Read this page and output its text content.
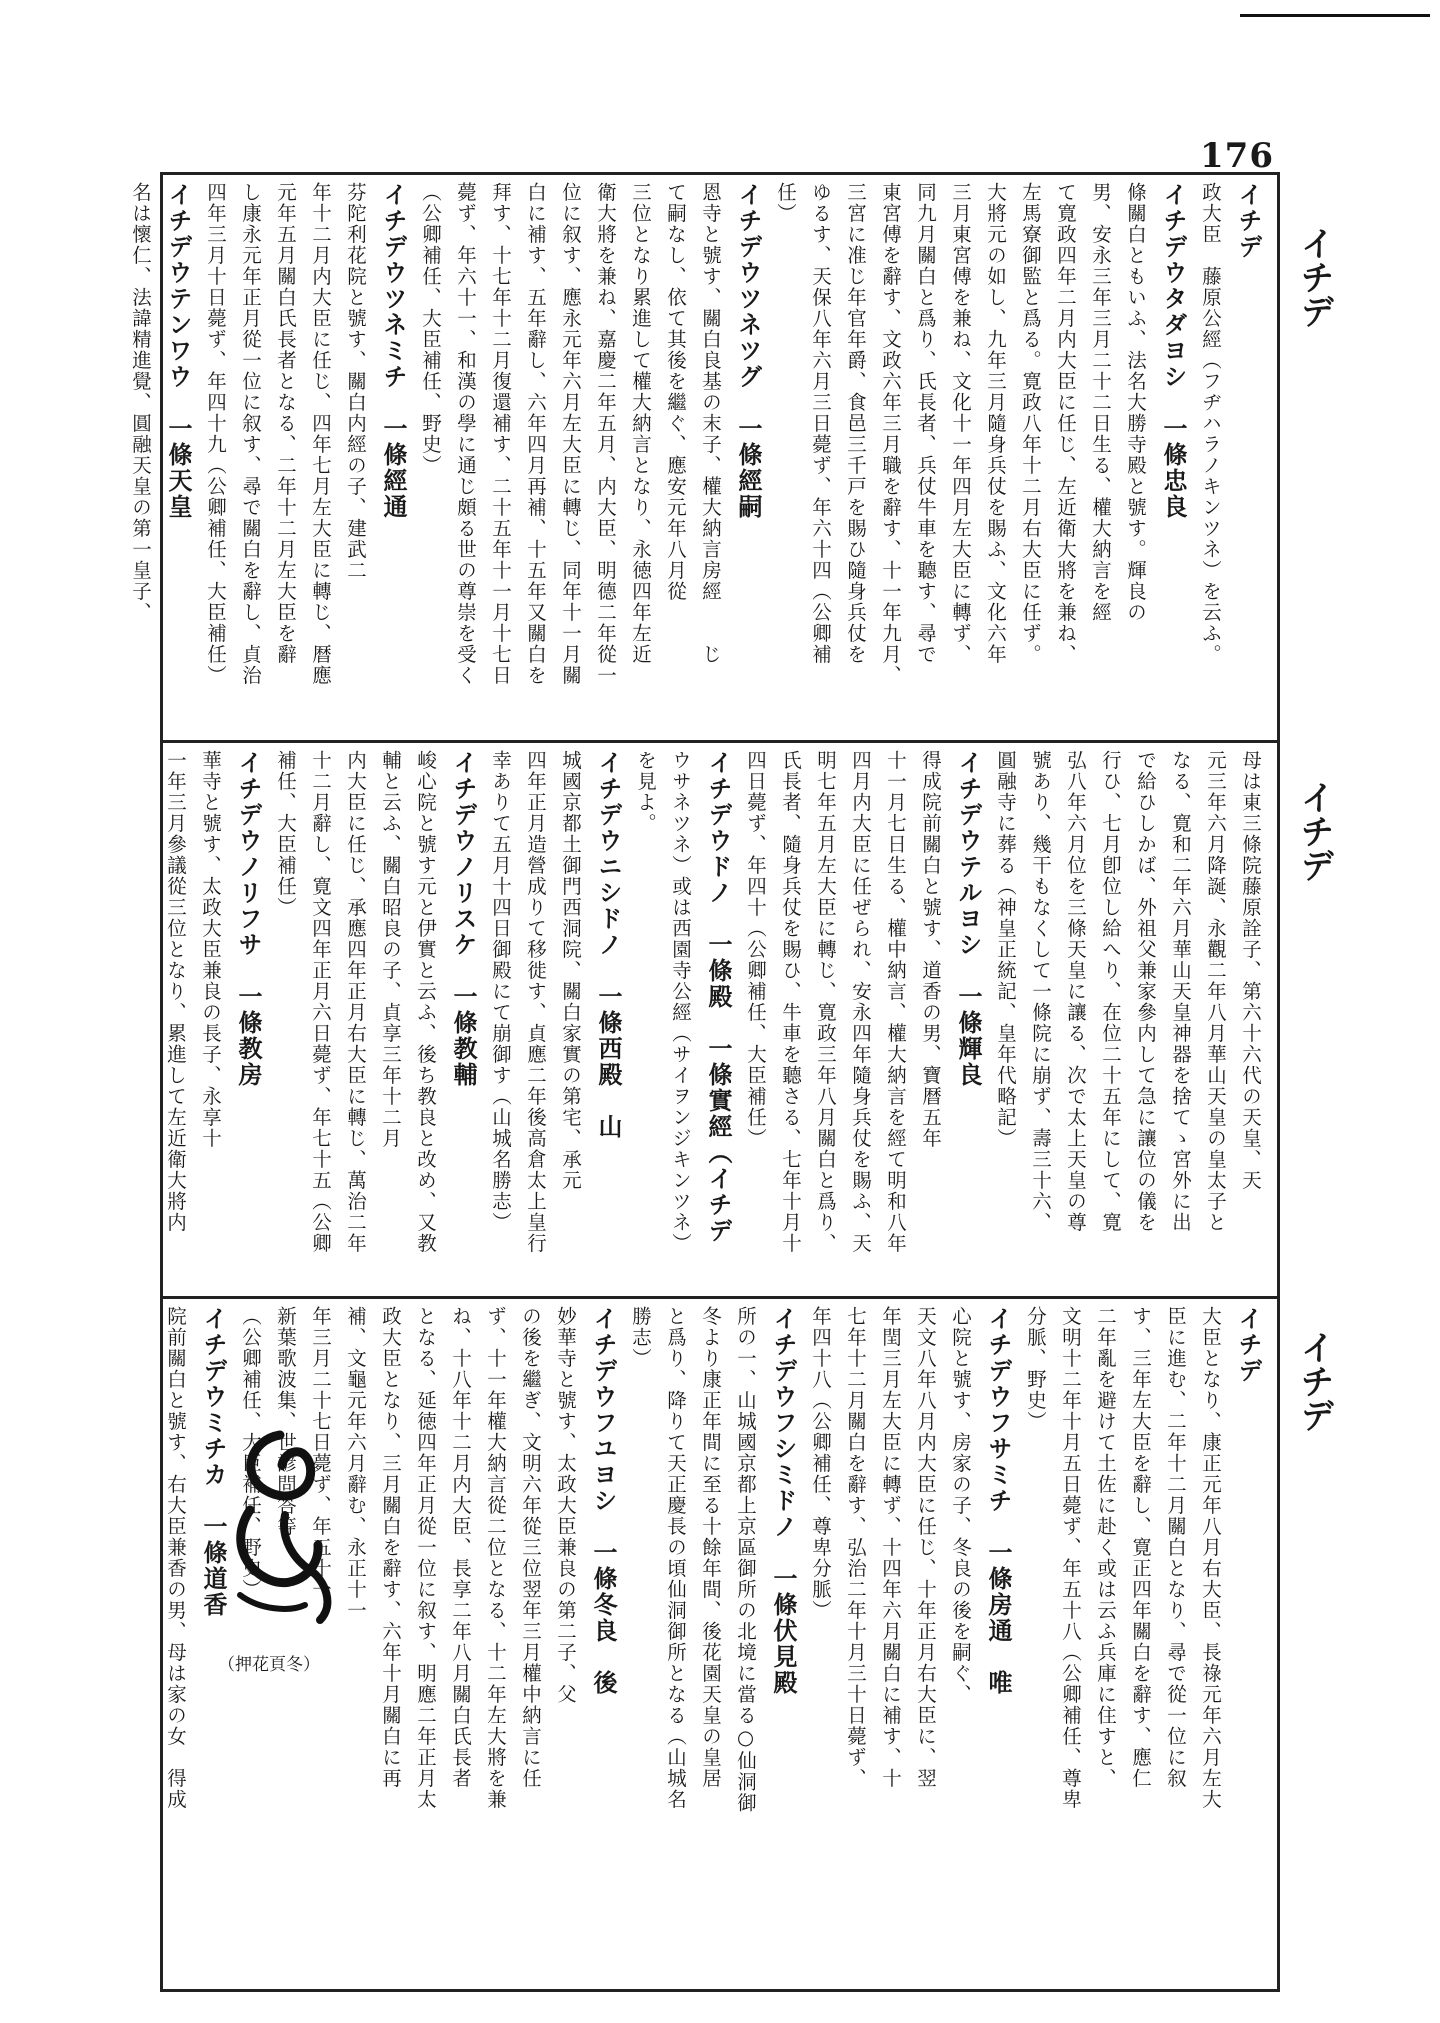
176
イチデ
イチデ
イチデ
イチデ
政大臣　藤原公經（フヂハラノキンツネ）を云ふ。
イチデウタダヨシ　一條忠良
條關白ともいふ、法名大勝寺殿と號す。輝良の
男、安永三年三月二十二日生る、權大納言を經
て寛政四年二月内大臣に任じ、左近衛大將を兼ね、
左馬寮御監と爲る。寛政八年十二月右大臣に任ず。
大將元の如し、九年三月隨身兵仗を賜ふ、文化六年
三月東宮傅を兼ね、文化十一年四月左大臣に轉ず、
同九月關白と爲り、氏長者、兵仗牛車を聽す、尋で
東宮傅を辭す、文政六年三月職を辭す、十一年九月、
三宮に准じ年官年爵、食邑三千戸を賜ひ隨身兵仗を
ゆるす、天保八年六月三日薨ず、年六十四（公卿補
任）
イチデウツネツグ　一條經嗣
恩寺と號す、關白良基の末子、權大納言房經　　じ
て嗣なし、依て其後を繼ぐ、應安元年八月從
三位となり累進して權大納言となり、永徳四年左近
衛大將を兼ね、嘉慶二年五月、内大臣、明德二年從一
位に叙す、應永元年六月左大臣に轉じ、同年十一月關
白に補す、五年辭し、六年四月再補、十五年又關白を
拜す、十七年十二月復還補す、二十五年十一月十七日
薨ず、年六十一、和漢の學に通じ頗る世の尊崇を受く
（公卿補任、大臣補任、野史）
イチデウツネミチ　一條經通
芬陀利花院と號す、關白内經の子、建武二
年十二月内大臣に任じ、四年七月左大臣に轉じ、暦應
元年五月關白氏長者となる、二年十二月左大臣を辭
し康永元年正月從一位に叙す、尋で關白を辭し、貞治
四年三月十日薨ず、年四十九（公卿補任、大臣補任）
イチデウテンワウ　一條天皇
名は懷仁、法諱精進覺、圓融天皇の第一皇子、
母は東三條院藤原詮子、第六十六代の天皇、天
元三年六月降誕、永觀二年八月華山天皇の皇太子と
なる、寛和二年六月華山天皇神器を捨てゝ宮外に出
で給ひしかば、外祖父兼家參内して急に讓位の儀を
行ひ、七月卽位し給へり、在位二十五年にして、寛
弘八年六月位を三條天皇に讓る、次で太上天皇の尊
號あり、幾干もなくして一條院に崩ず、壽三十六、
圓融寺に葬る（神皇正統記、皇年代略記）
イチデウテルヨシ　一條輝良
得成院前關白と號す、道香の男、寶暦五年
十一月七日生る、權中納言、權大納言を經て明和八年
四月内大臣に任ぜられ、安永四年隨身兵仗を賜ふ、天
明七年五月左大臣に轉じ、寛政三年八月關白と爲り、
氏長者、隨身兵仗を賜ひ、牛車を聽さる、七年十月十
四日薨ず、年四十（公卿補任、大臣補任）
イチデウドノ　一條殿　一條實經（イチデ
ウサネツネ）或は西園寺公經（サイヲンジキンツネ）
を見よ。
イチデウニシドノ　一條西殿　山
城國京都土御門西洞院、關白家實の第宅、承元
四年正月造營成りて移徙す、貞應二年後高倉太上皇行
幸ありて五月十四日御殿にて崩御す（山城名勝志）
イチデウノリスケ　一條教輔
峻心院と號す元と伊實と云ふ、後ち教良と改め、又教
輔と云ふ、關白昭良の子、貞享三年十二月
内大臣に任じ、承應四年正月右大臣に轉じ、萬治二年
十二月辭し、寛文四年正月六日薨ず、年七十五（公卿
補任、大臣補任）
イチデウノリフサ　一條教房
華寺と號す、太政大臣兼良の長子、永享十
一年三月參議從三位となり、累進して左近衛大將内
イチデ
大臣となり、康正元年八月右大臣、長祿元年六月左大
臣に進む、二年十二月關白となり、尋で從一位に叙
す、三年左大臣を辭し、寛正四年關白を辭す、應仁
二年亂を避けて土佐に赴く或は云ふ兵庫に住すと、
文明十二年十月五日薨ず、年五十八（公卿補任、尊卑
分脈、野史）
イチデウフサミチ　一條房通　唯
心院と號す、房家の子、冬良の後を嗣ぐ、
天文八年八月内大臣に任じ、十年正月右大臣に、翌
年閏三月左大臣に轉ず、十四年六月關白に補す、十
七年十二月關白を辭す、弘治二年十月三十日薨ず、
年四十八（公卿補任、尊卑分脈）
イチデウフシミドノ　一條伏見殿
所の一、山城國京都上京區御所の北境に當る○仙洞御
冬より康正年間に至る十餘年間、後花園天皇の皇居
と爲り、降りて天正慶長の頃仙洞御所となる（山城名
勝志）
イチデウフユヨシ　一條冬良　後
妙華寺と號す、太政大臣兼良の第二子、父
の後を繼ぎ、文明六年從三位翌年三月權中納言に任
ず、十一年權大納言從二位となる、十二年左大將を兼
ね、十八年十二月内大臣、長享二年八月關白氏長者
となる、延徳四年正月從一位に叙す、明應二年正月太
政大臣となり、三月關白を辭す、六年十月關白に再
補、文龜元年六月辭む、永正十一
年三月二十七日薨ず、年五十一
新葉歌波集、世諺問答等
（公卿補任、大臣補任、野史）
イチデウミチカ　一條道香
院前關白と號す、右大臣兼香の男、母は家の女　得成	（押花頁冬）
